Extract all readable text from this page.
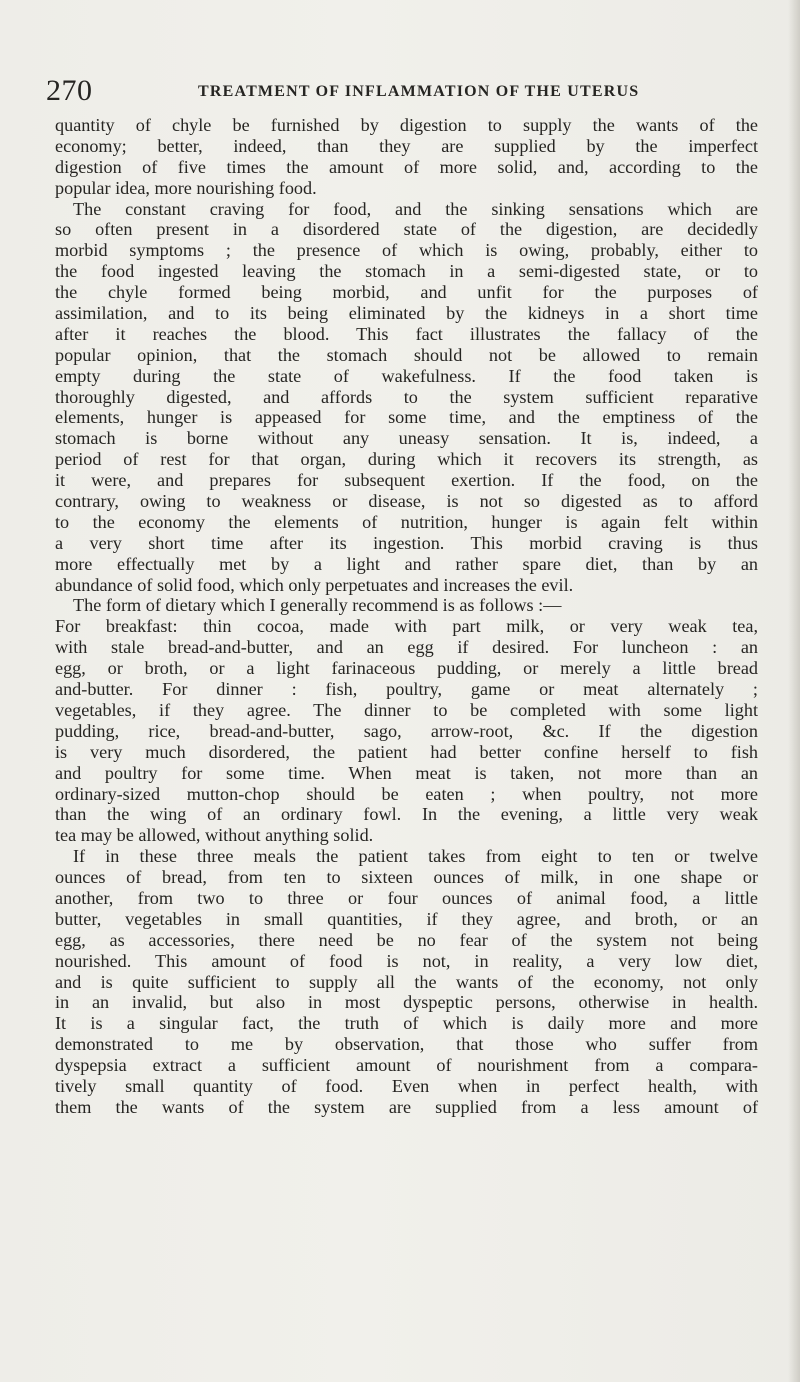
270	TREATMENT OF INFLAMMATION OF THE UTERUS
quantity of chyle be furnished by digestion to supply the wants of the
economy; better, indeed, than they are supplied by the imperfect
digestion of five times the amount of more solid, and, according to the
popular idea, more nourishing food.
The constant craving for food, and the sinking sensations which are
so often present in a disordered state of the digestion, are decidedly
morbid symptoms ; the presence of which is owing, probably, either to
the food ingested leaving the stomach in a semi-digested state, or to
the chyle formed being morbid, and unfit for the purposes of
assimilation, and to its being eliminated by the kidneys in a short time
after it reaches the blood. This fact illustrates the fallacy of the
popular opinion, that the stomach should not be allowed to remain
empty during the state of wakefulness. If the food taken is
thoroughly digested, and affords to the system sufficient reparative
elements, hunger is appeased for some time, and the emptiness of the
stomach is borne without any uneasy sensation. It is, indeed, a
period of rest for that organ, during which it recovers its strength, as
it were, and prepares for subsequent exertion. If the food, on the
contrary, owing to weakness or disease, is not so digested as to afford
to the economy the elements of nutrition, hunger is again felt within
a very short time after its ingestion. This morbid craving is thus
more effectually met by a light and rather spare diet, than by an
abundance of solid food, which only perpetuates and increases the evil.
The form of dietary which I generally recommend is as follows :—
For breakfast: thin cocoa, made with part milk, or very weak tea,
with stale bread-and-butter, and an egg if desired. For luncheon : an
egg, or broth, or a light farinaceous pudding, or merely a little bread
and-butter. For dinner : fish, poultry, game or meat alternately ;
vegetables, if they agree. The dinner to be completed with some light
pudding, rice, bread-and-butter, sago, arrow-root, &c. If the digestion
is very much disordered, the patient had better confine herself to fish
and poultry for some time. When meat is taken, not more than an
ordinary-sized mutton-chop should be eaten ; when poultry, not more
than the wing of an ordinary fowl. In the evening, a little very weak
tea may be allowed, without anything solid.
If in these three meals the patient takes from eight to ten or twelve
ounces of bread, from ten to sixteen ounces of milk, in one shape or
another, from two to three or four ounces of animal food, a little
butter, vegetables in small quantities, if they agree, and broth, or an
egg, as accessories, there need be no fear of the system not being
nourished. This amount of food is not, in reality, a very low diet,
and is quite sufficient to supply all the wants of the economy, not only
in an invalid, but also in most dyspeptic persons, otherwise in health.
It is a singular fact, the truth of which is daily more and more
demonstrated to me by observation, that those who suffer from
dyspepsia extract a sufficient amount of nourishment from a compara-
tively small quantity of food. Even when in perfect health, with
them the wants of the system are supplied from a less amount of
